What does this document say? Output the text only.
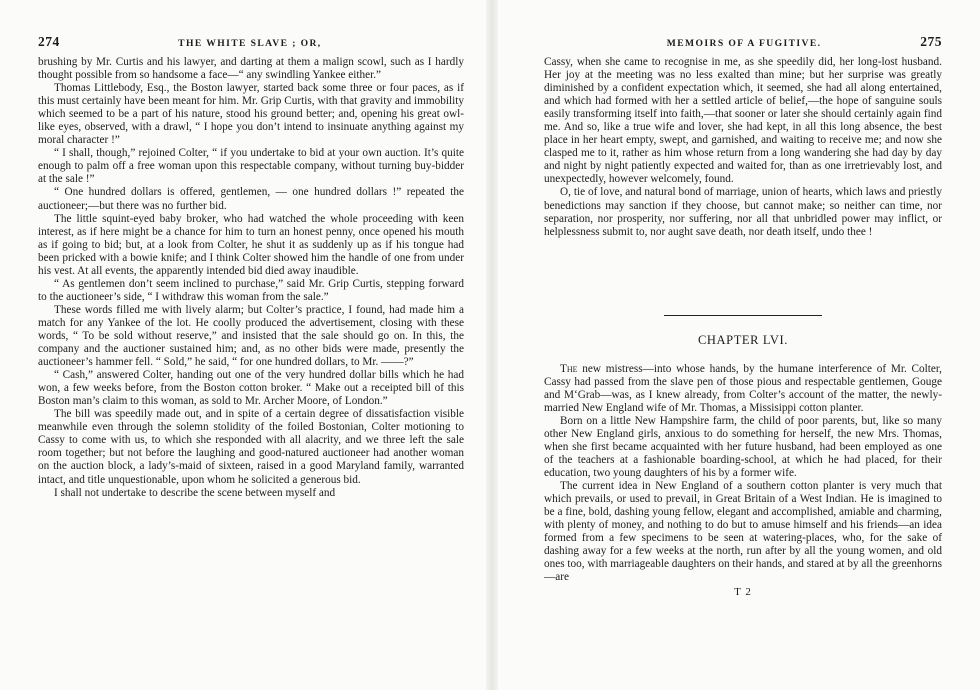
274	THE WHITE SLAVE ; OR,

brushing by Mr. Curtis and his lawyer, and darting at them a malign scowl, such as I hardly thought possible from so handsome a face—“ any swindling Yankee either.”

Thomas Littlebody, Esq., the Boston lawyer, started back some three or four paces, as if this must certainly have been meant for him. Mr. Grip Curtis, with that gravity and immobility which seemed to be a part of his nature, stood his ground better; and, opening his great owl-like eyes, observed, with a drawl, “ I hope you don’t intend to insinuate anything against my moral character !”

“ I shall, though,” rejoined Colter, “ if you undertake to bid at your own auction. It’s quite enough to palm off a free woman upon this respectable company, without turning buy-bidder at the sale !”

“ One hundred dollars is offered, gentlemen, — one hundred dollars !” repeated the auctioneer;—but there was no further bid.

The little squint-eyed baby broker, who had watched the whole proceeding with keen interest, as if here might be a chance for him to turn an honest penny, once opened his mouth as if going to bid; but, at a look from Colter, he shut it as suddenly up as if his tongue had been pricked with a bowie knife; and I think Colter showed him the handle of one from under his vest. At all events, the apparently intended bid died away inaudible.

“ As gentlemen don’t seem inclined to purchase,” said Mr. Grip Curtis, stepping forward to the auctioneer’s side, “ I withdraw this woman from the sale.”

These words filled me with lively alarm; but Colter’s practice, I found, had made him a match for any Yankee of the lot. He coolly produced the advertisement, closing with these words, “ To be sold without reserve,” and insisted that the sale should go on. In this, the company and the auctioner sustained him; and, as no other bids were made, presently the auctioneer’s hammer fell. “ Sold,” he said, “ for one hundred dollars, to Mr. ——?”

“ Cash,” answered Colter, handing out one of the very hundred dollar bills which he had won, a few weeks before, from the Boston cotton broker. “ Make out a receipted bill of this Boston man’s claim to this woman, as sold to Mr. Archer Moore, of London.”

The bill was speedily made out, and in spite of a certain degree of dissatisfaction visible meanwhile even through the solemn stolidity of the foiled Bostonian, Colter motioning to Cassy to come with us, to which she responded with all alacrity, and we three left the sale room together; but not before the laughing and good-natured auctioneer had another woman on the auction block, a lady’s-maid of sixteen, raised in a good Maryland family, warranted intact, and title unquestionable, upon whom he solicited a generous bid.

I shall not undertake to describe the scene between myself and

MEMOIRS OF A FUGITIVE.	275

Cassy, when she came to recognise in me, as she speedily did, her long-lost husband. Her joy at the meeting was no less exalted than mine; but her surprise was greatly diminished by a confident expectation which, it seemed, she had all along entertained, and which had formed with her a settled article of belief,—the hope of sanguine souls easily transforming itself into faith,—that sooner or later she should certainly again find me. And so, like a true wife and lover, she had kept, in all this long absence, the best place in her heart empty, swept, and garnished, and waiting to receive me; and now she clasped me to it, rather as him whose return from a long wandering she had day by day and night by night patiently expected and waited for, than as one irretrievably lost, and unexpectedly, however welcomely, found.

O, tie of love, and natural bond of marriage, union of hearts, which laws and priestly benedictions may sanction if they choose, but cannot make; so neither can time, nor separation, nor prosperity, nor suffering, nor all that unbridled power may inflict, or helplessness submit to, nor aught save death, nor death itself, undo thee !

CHAPTER LVI.

The new mistress—into whose hands, by the humane interference of Mr. Colter, Cassy had passed from the slave pen of those pious and respectable gentlemen, Gouge and M‘Grab—was, as I knew already, from Colter’s account of the matter, the newly-married New England wife of Mr. Thomas, a Missisippi cotton planter.

Born on a little New Hampshire farm, the child of poor parents, but, like so many other New England girls, anxious to do something for herself, the new Mrs. Thomas, when she first became acquainted with her future husband, had been employed as one of the teachers at a fashionable boarding-school, at which he had placed, for their education, two young daughters of his by a former wife.

The current idea in New England of a southern cotton planter is very much that which prevails, or used to prevail, in Great Britain of a West Indian. He is imagined to be a fine, bold, dashing young fellow, elegant and accomplished, amiable and charming, with plenty of money, and nothing to do but to amuse himself and his friends—an idea formed from a few specimens to be seen at watering-places, who, for the sake of dashing away for a few weeks at the north, run after by all the young women, and old ones too, with marriageable daughters on their hands, and stared at by all the greenhorns—are

T 2
